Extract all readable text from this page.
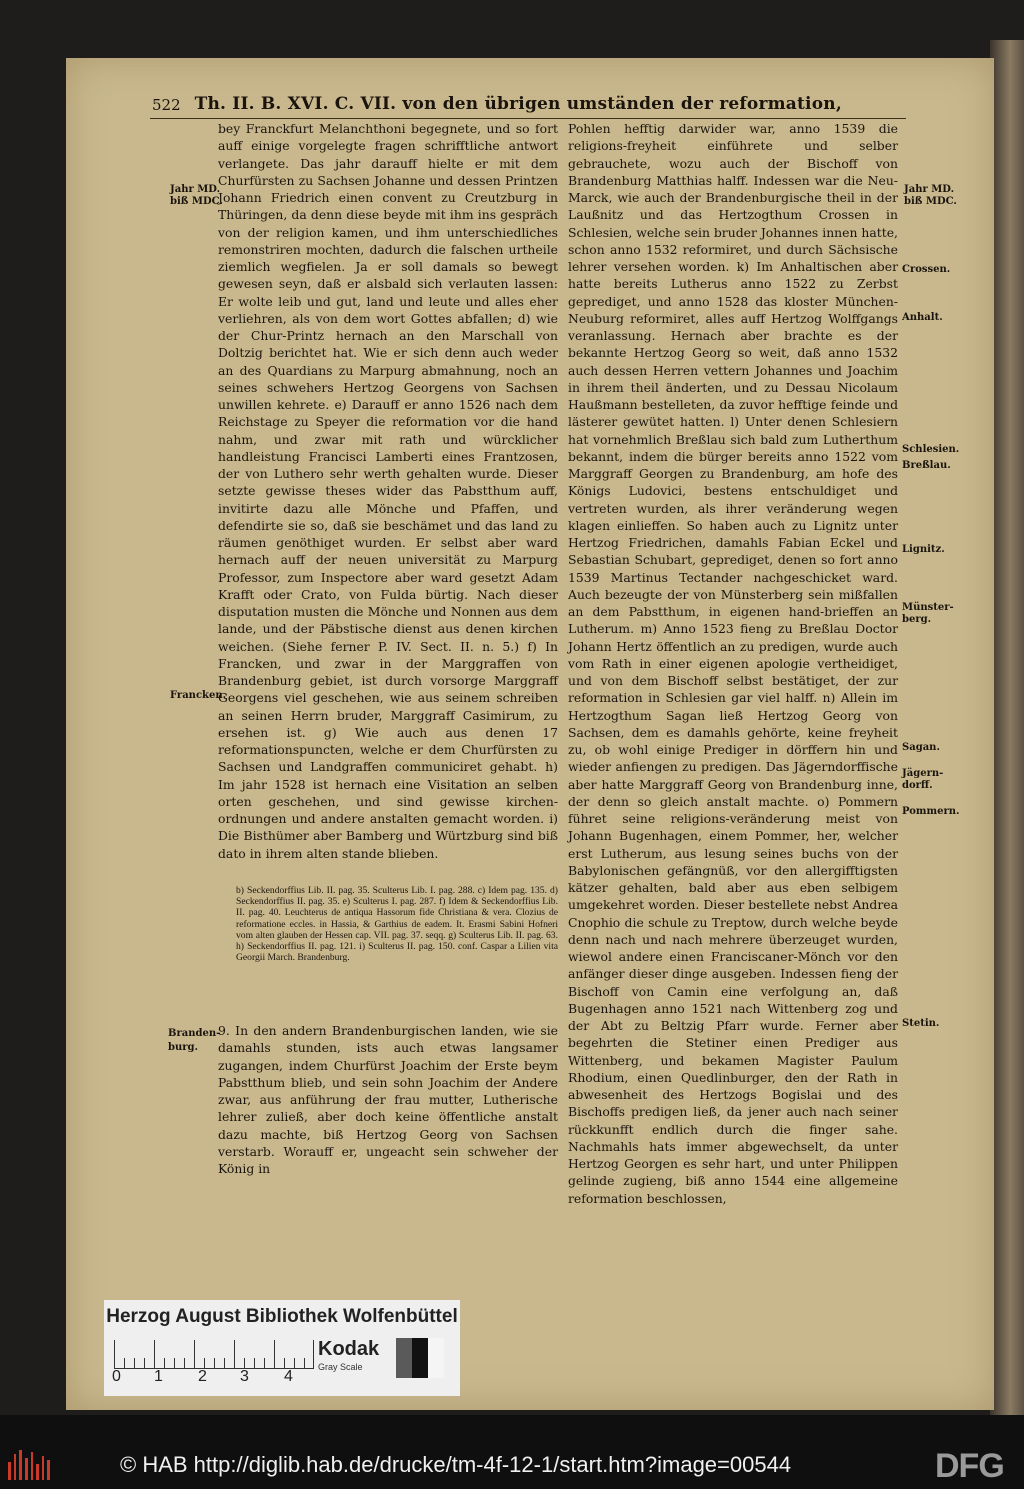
522 Th. II. B. XVI. C. VII. von den übrigen umständen der reformation,
Jahr MD.
biß MDC.
Francken.
Branden-
burg.
Jahr MD.
biß MDC.
Crossen.
Anhalt.
Schlesien.
Breßlau.
Lignitz.
Münster-
berg.
Sagan.
Jägern-
dorff.
Pommern.
Stetin.

bey Franckfurt Melanchthoni begegnete, und so fort auff einige vorgelegte fragen schrifftliche antwort verlangete. Das jahr darauff hielte er mit dem Churfürsten zu Sachsen Johanne und dessen Printzen Johann Friedrich einen convent zu Creutzburg in Thüringen, da denn diese beyde mit ihm ins gespräch von der religion kamen, und ihm unterschiedliches remonstriren mochten, dadurch die falschen urtheile ziemlich wegfielen. Ja er soll damals so bewegt gewesen seyn, daß er alsbald sich verlauten lassen: Er wolte leib und gut, land und leute und alles eher verliehren, als von dem wort Gottes abfallen; d) wie der Chur-Printz hernach an den Marschall von Doltzig berichtet hat. Wie er sich denn auch weder an des Quardians zu Marpurg abmahnung, noch an seines schwehers Hertzog Georgens von Sachsen unwillen kehrete. e) Darauff er anno 1526 nach dem Reichstage zu Speyer die reformation vor die hand nahm, und zwar mit rath und würcklicher handleistung Francisci Lamberti eines Frantzosen, der von Luthero sehr werth gehalten wurde. Dieser setzte gewisse theses wider das Pabstthum auff, invitirte dazu alle Mönche und Pfaffen, und defendirte sie so, daß sie beschämet und das land zu räumen genöthiget wurden. Er selbst aber ward hernach auff der neuen universität zu Marpurg Professor, zum Inspectore aber ward gesetzt Adam Krafft oder Crato, von Fulda bürtig. Nach dieser disputation musten die Mönche und Nonnen aus dem lande, und der Päbstische dienst aus denen kirchen weichen. (Siehe ferner P. IV. Sect. II. n. 5.) f) In Francken, und zwar in der Marggraffen von Brandenburg gebiet, ist durch vorsorge Marggraff Georgens viel geschehen, wie aus seinem schreiben an seinen Herrn bruder, Marggraff Casimirum, zu ersehen ist. g) Wie auch aus denen 17 reformationspuncten, welche er dem Churfürsten zu Sachsen und Landgraffen communiciret gehabt. h) Im jahr 1528 ist hernach eine Visitation an selben orten geschehen, und sind gewisse kirchen-ordnungen und andere anstalten gemacht worden. i) Die Bisthümer aber Bamberg und Würtzburg sind biß dato in ihrem alten stande blieben.

b) Seckendorffius Lib. II. pag. 35. Sculterus Lib. I. pag. 288. c) Idem pag. 135. d) Seckendorffius II. pag. 35. e) Sculterus I. pag. 287. f) Idem & Seckendorffius Lib. II. pag. 40. Leuchterus de antiqua Hassorum fide Christiana & vera. Clozius de reformatione eccles. in Hassia, & Garthius de eadem. It. Erasmi Sabini Hofneri vom alten glauben der Hessen cap. VII. pag. 37. seqq. g) Sculterus Lib. II. pag. 63. h) Seckendorffius II. pag. 121. i) Sculterus II. pag. 150. conf. Caspar a Lilien vita Georgii March. Brandenburg.
9. In den andern Brandenburgischen landen, wie sie damahls stunden, ists auch etwas langsamer zugangen, indem Churfürst Joachim der Erste beym Pabstthum blieb, und sein sohn Joachim der Andere zwar, aus anführung der frau mutter, Lutherische lehrer zuließ, aber doch keine öffentliche anstalt dazu machte, biß Hertzog Georg von Sachsen verstarb. Worauff er, ungeacht sein schweher der König in

Pohlen hefftig darwider war, anno 1539 die religions-freyheit einführete und selber gebrauchete, wozu auch der Bischoff von Brandenburg Matthias halff. Indessen war die Neu-Marck, wie auch der Brandenburgische theil in der Laußnitz und das Hertzogthum Crossen in Schlesien, welche sein bruder Johannes innen hatte, schon anno 1532 reformiret, und durch Sächsische lehrer versehen worden. k) Im Anhaltischen aber hatte bereits Lutherus anno 1522 zu Zerbst geprediget, und anno 1528 das kloster München-Neuburg reformiret, alles auff Hertzog Wolffgangs veranlassung. Hernach aber brachte es der bekannte Hertzog Georg so weit, daß anno 1532 auch dessen Herren vettern Johannes und Joachim in ihrem theil änderten, und zu Dessau Nicolaum Haußmann bestelleten, da zuvor hefftige feinde und lästerer gewütet hatten. l) Unter denen Schlesiern hat vornehmlich Breßlau sich bald zum Lutherthum bekannt, indem die bürger bereits anno 1522 vom Marggraff Georgen zu Brandenburg, am hofe des Königs Ludovici, bestens entschuldiget und vertreten wurden, als ihrer veränderung wegen klagen einlieffen. So haben auch zu Lignitz unter Hertzog Friedrichen, damahls Fabian Eckel und Sebastian Schubart, geprediget, denen so fort anno 1539 Martinus Tectander nachgeschicket ward. Auch bezeugte der von Münsterberg sein mißfallen an dem Pabstthum, in eigenen hand-brieffen an Lutherum. m) Anno 1523 fieng zu Breßlau Doctor Johann Hertz öffentlich an zu predigen, wurde auch vom Rath in einer eigenen apologie vertheidiget, und von dem Bischoff selbst bestätiget, der zur reformation in Schlesien gar viel halff. n) Allein im Hertzogthum Sagan ließ Hertzog Georg von Sachsen, dem es damahls gehörte, keine freyheit zu, ob wohl einige Prediger in dörffern hin und wieder anfiengen zu predigen. Das Jägerndorffische aber hatte Marggraff Georg von Brandenburg inne, der denn so gleich anstalt machte. o) Pommern führet seine religions-veränderung meist von Johann Bugenhagen, einem Pommer, her, welcher erst Lutherum, aus lesung seines buchs von der Babylonischen gefängnüß, vor den allergifftigsten kätzer gehalten, bald aber aus eben selbigem umgekehret worden. Dieser bestellete nebst Andrea Cnophio die schule zu Treptow, durch welche beyde denn nach und nach mehrere überzeuget wurden, wiewol andere einen Franciscaner-Mönch vor den anfänger dieser dinge ausgeben. Indessen fieng der Bischoff von Camin eine verfolgung an, daß Bugenhagen anno 1521 nach Wittenberg zog und der Abt zu Beltzig Pfarr wurde. Ferner aber begehrten die Stetiner einen Prediger aus Wittenberg, und bekamen Magister Paulum Rhodium, einen Quedlinburger, den der Rath in abwesenheit des Hertzogs Bogislai und des Bischoffs predigen ließ, da jener auch nach seiner rückkunfft endlich durch die finger sahe. Nachmahls hats immer abgewechselt, da unter Hertzog Georgen es sehr hart, und unter Philippen gelinde zugieng, biß anno 1544 eine allgemeine reformation beschlossen,

Herzog August Bibliothek Wolfenbüttel
0 1 2 3 4
Kodak
Gray Scale
© HAB http://diglib.hab.de/drucke/tm-4f-12-1/start.htm?image=00544	DFG
